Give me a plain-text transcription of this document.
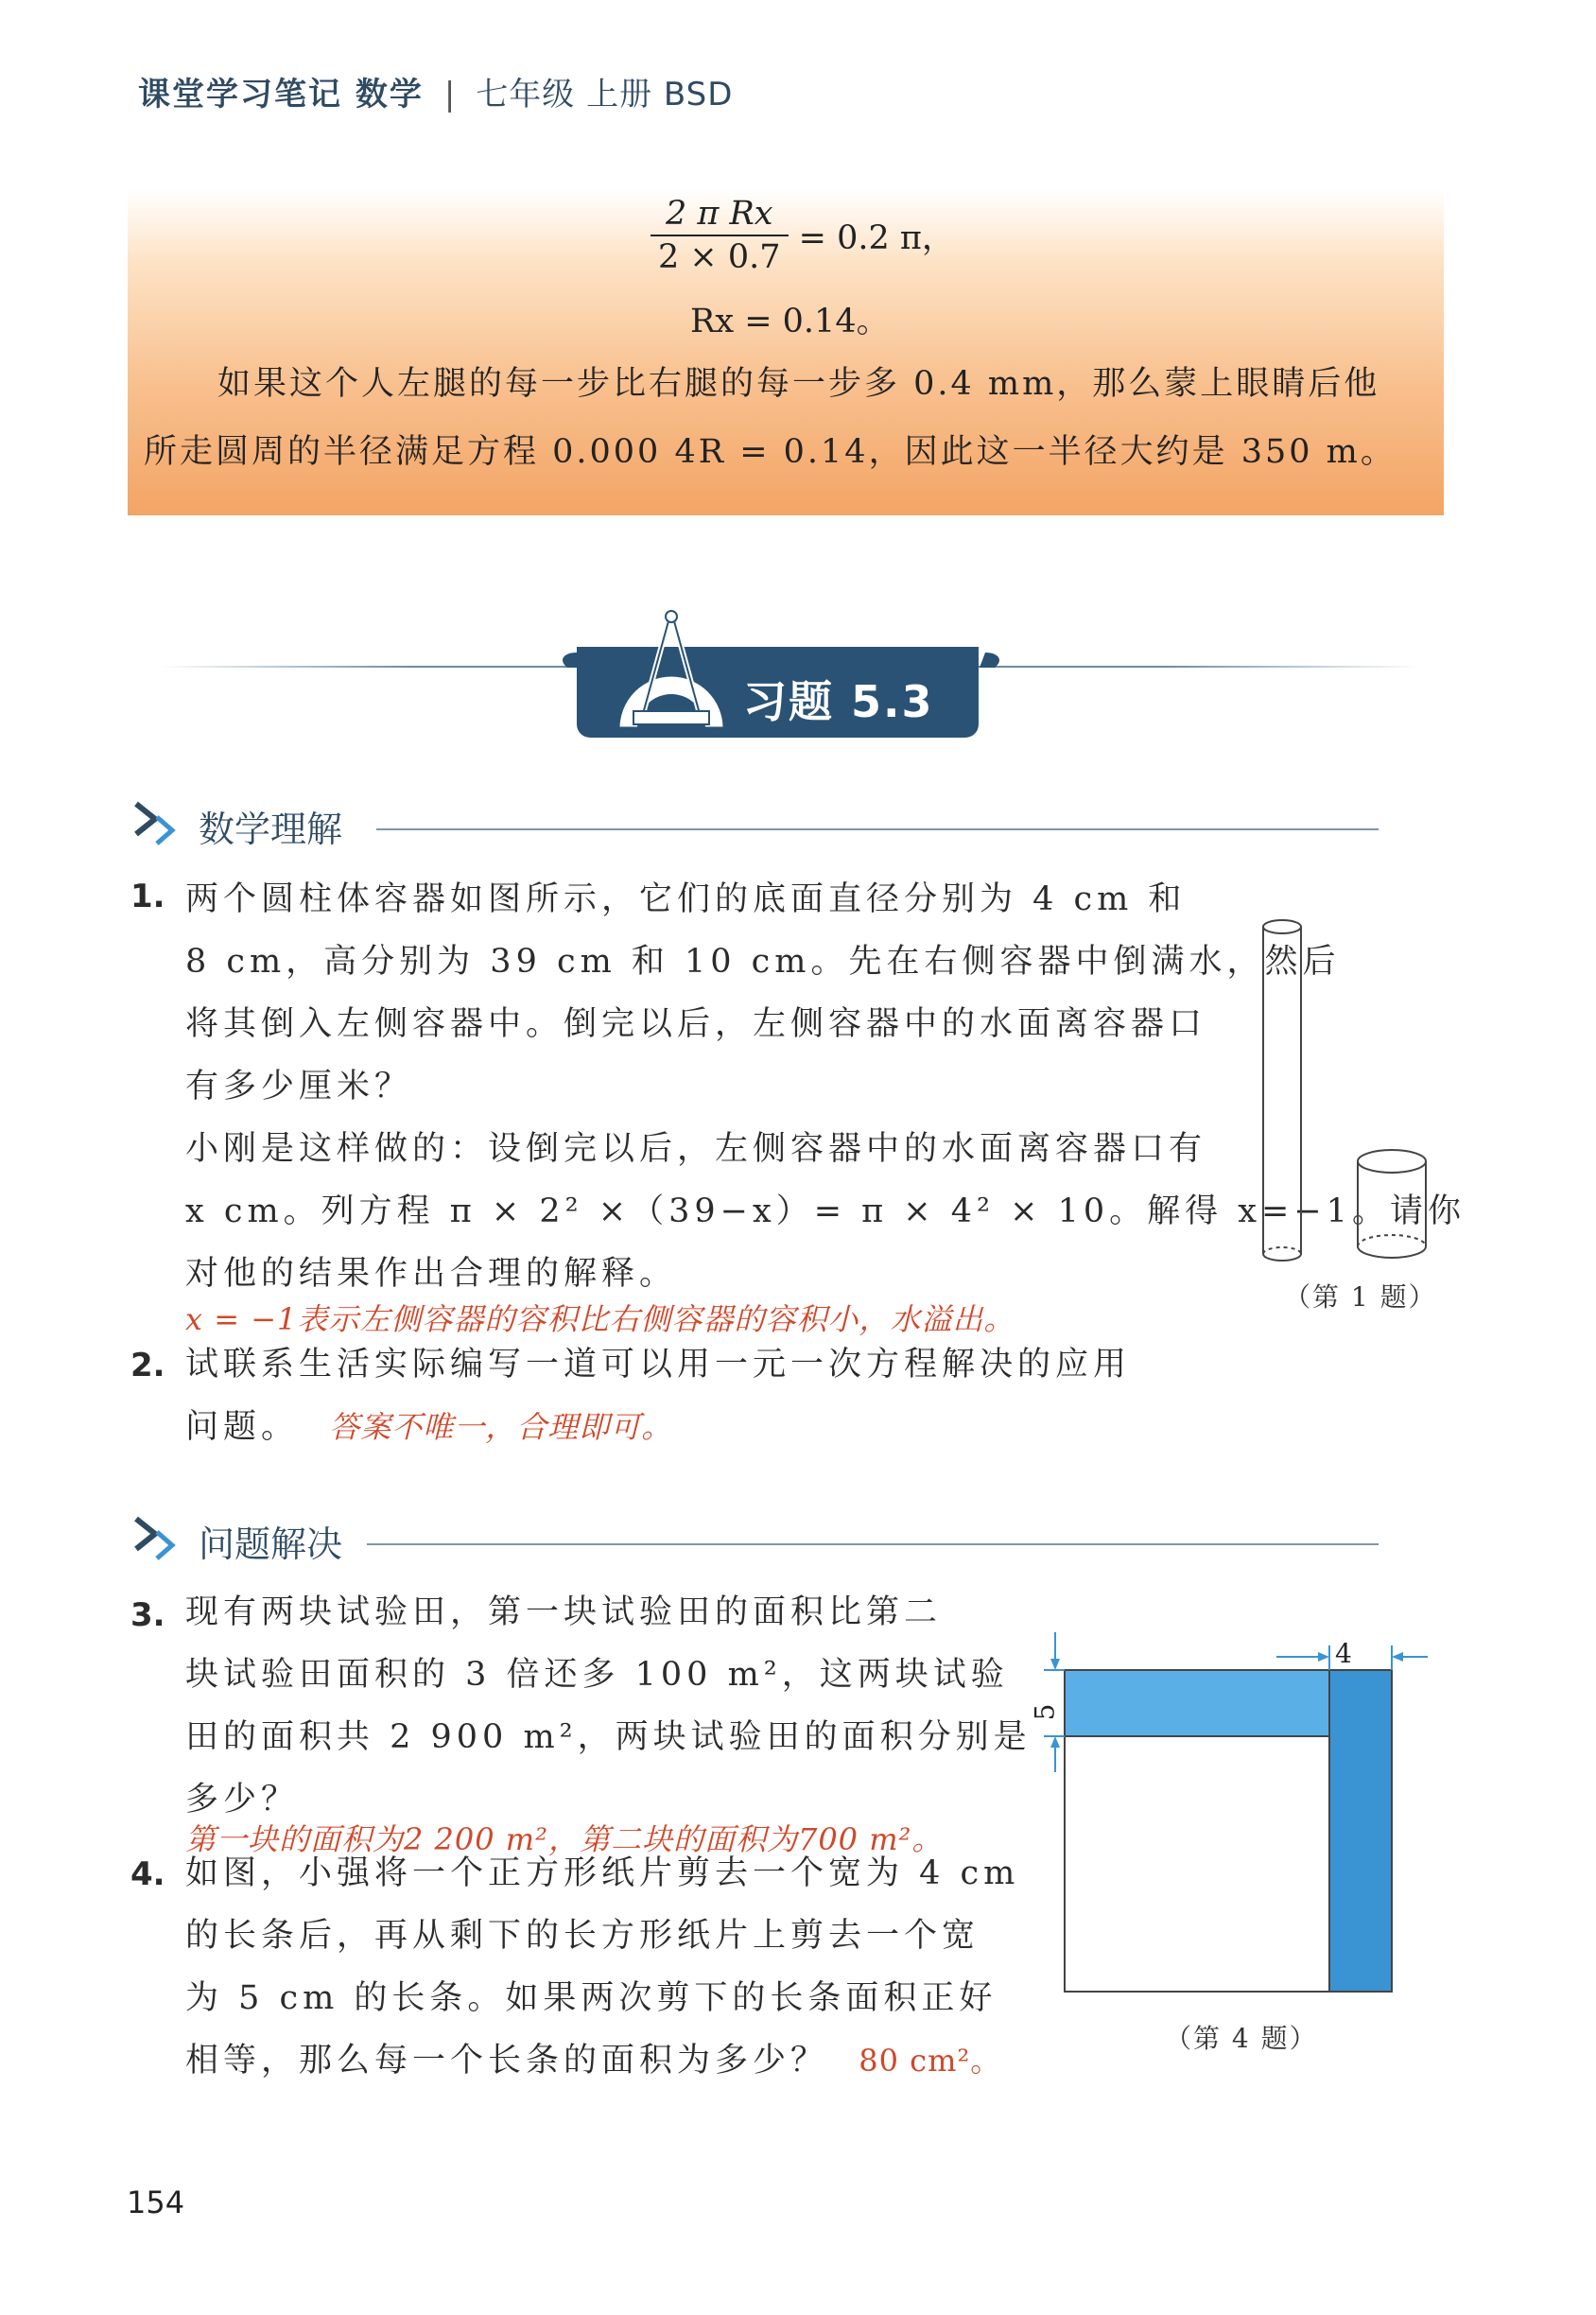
课堂学习笔记 数学 | 七年级 上册 BSD
$\frac{\text{2 π Rx}}{2 \times 0.7} = 0.2$ π，
Rx = 0.14。
如果这个人左腿的每一步比右腿的每一步多 0.4 mm，那么蒙上眼睛后他
所走圆周的半径满足方程 0.000 4R = 0.14，因此这一半径大约是 350 m。
习题 5.3
数学理解
1. 两个圆柱体容器如图所示，它们的底面直径分别为 4 cm 和
8 cm，高分别为 39 cm 和 10 cm。先在右侧容器中倒满水，然后
将其倒入左侧容器中。倒完以后，左侧容器中的水面离容器口
有多少厘米？
小刚是这样做的：设倒完以后，左侧容器中的水面离容器口有
x cm。列方程 π × 2² ×（39−x）= π × 4² × 10。解得 x=−1。请你
对他的结果作出合理的解释。
x = −1表示左侧容器的容积比右侧容器的容积小，水溢出。
（第 1 题）
2. 试联系生活实际编写一道可以用一元一次方程解决的应用
问题。 答案不唯一，合理即可。
问题解决
3. 现有两块试验田，第一块试验田的面积比第二
块试验田面积的 3 倍还多 100 m²，这两块试验
田的面积共 2 900 m²，两块试验田的面积分别是
多少？
第一块的面积为2 200 m²，第二块的面积为700 m²。
4. 如图，小强将一个正方形纸片剪去一个宽为 4 cm
的长条后，再从剩下的长方形纸片上剪去一个宽
为 5 cm 的长条。如果两次剪下的长条面积正好
相等，那么每一个长条的面积为多少？ 80 cm²。
4
5
（第 4 题）
154
